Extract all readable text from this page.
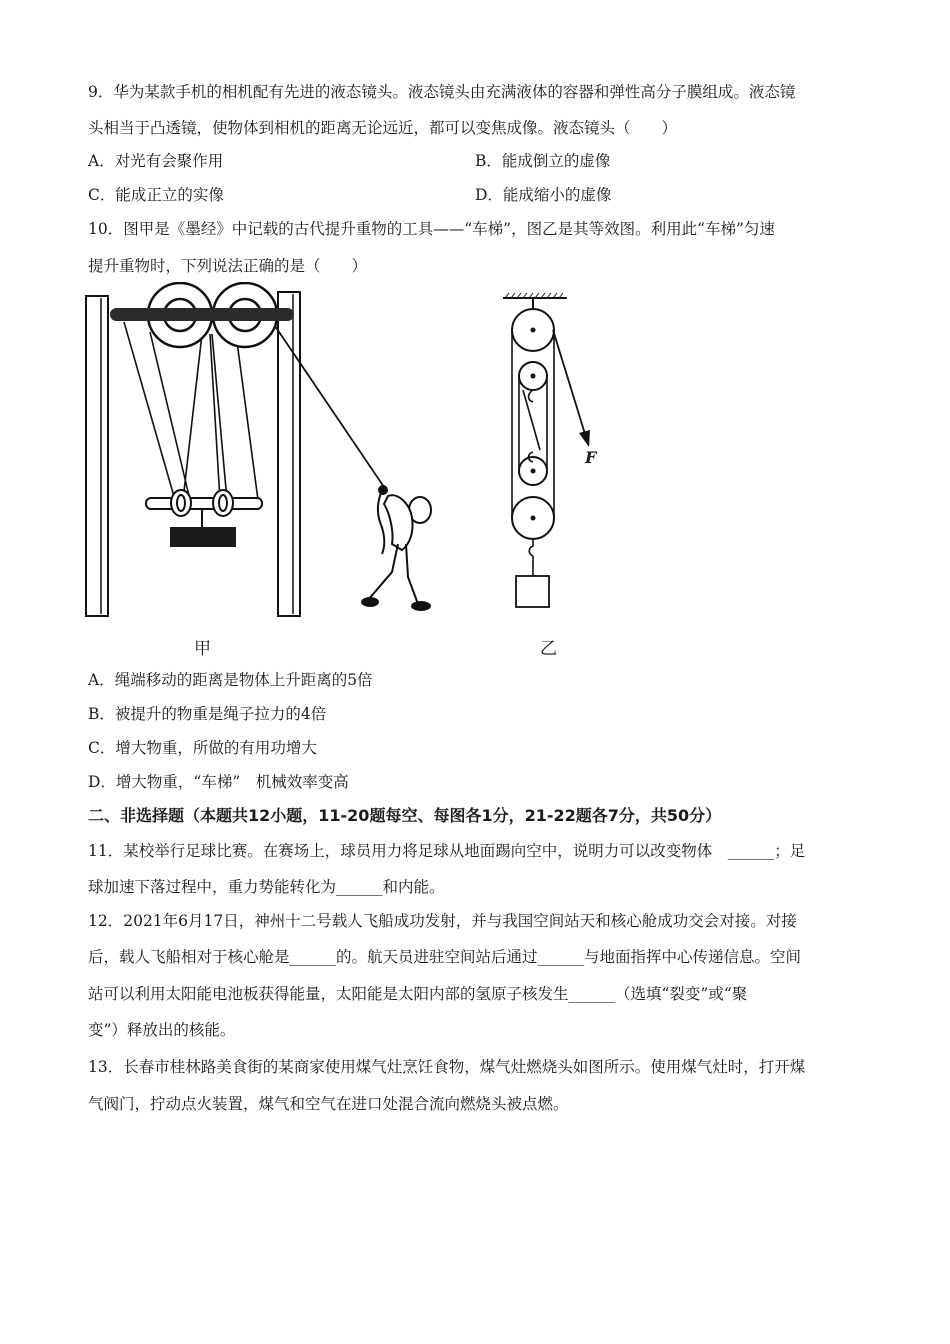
9．华为某款手机的相机配有先进的液态镜头。液态镜头由充满液体的容器和弹性高分子膜组成。液态镜
头相当于凸透镜，使物体到相机的距离无论远近，都可以变焦成像。液态镜头（　　）
A．对光有会聚作用	B．能成倒立的虚像
C．能成正立的实像	D．能成缩小的虚像
10．图甲是《墨经》中记载的古代提升重物的工具——“车梯”，图乙是其等效图。利用此“车梯”匀速
提升重物时，下列说法正确的是（　　）
甲
F
乙
A．绳端移动的距离是物体上升距离的5倍
B．被提升的物重是绳子拉力的4倍
C．增大物重，所做的有用功增大
D．增大物重，“车梯”　机械效率变高
二、非选择题（本题共12小题，11-20题每空、每图各1分，21-22题各7分，共50分）
11．某校举行足球比赛。在赛场上，球员用力将足球从地面踢向空中，说明力可以改变物体　______；足
球加速下落过程中，重力势能转化为______和内能。
12．2021年6月17日，神州十二号载人飞船成功发射，并与我国空间站天和核心舱成功交会对接。对接
后，载人飞船相对于核心舱是______的。航天员进驻空间站后通过______与地面指挥中心传递信息。空间
站可以利用太阳能电池板获得能量，太阳能是太阳内部的氢原子核发生______（选填“裂变”或“聚
变”）释放出的核能。
13．长春市桂林路美食街的某商家使用煤气灶烹饪食物，煤气灶燃烧头如图所示。使用煤气灶时，打开煤
气阀门，拧动点火装置，煤气和空气在进口处混合流向燃烧头被点燃。
